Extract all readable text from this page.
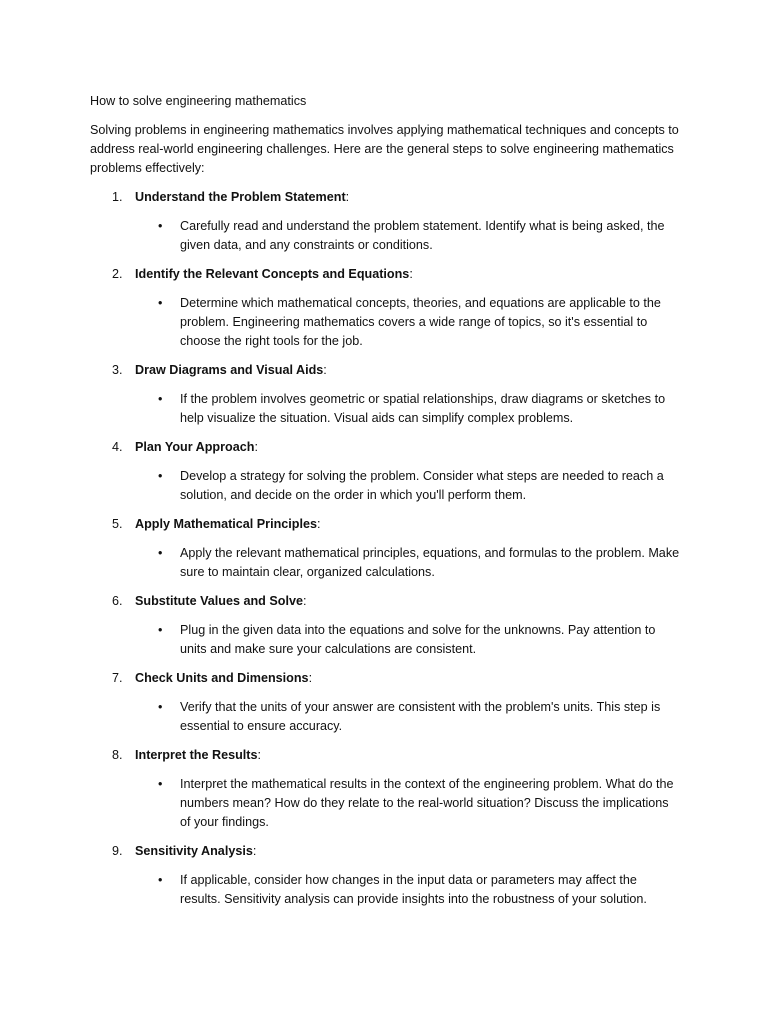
How to solve engineering mathematics

Solving problems in engineering mathematics involves applying mathematical techniques and concepts to address real-world engineering challenges. Here are the general steps to solve engineering mathematics problems effectively:

1. Understand the Problem Statement:
• Carefully read and understand the problem statement. Identify what is being asked, the given data, and any constraints or conditions.
2. Identify the Relevant Concepts and Equations:
• Determine which mathematical concepts, theories, and equations are applicable to the problem. Engineering mathematics covers a wide range of topics, so it's essential to choose the right tools for the job.
3. Draw Diagrams and Visual Aids:
• If the problem involves geometric or spatial relationships, draw diagrams or sketches to help visualize the situation. Visual aids can simplify complex problems.
4. Plan Your Approach:
• Develop a strategy for solving the problem. Consider what steps are needed to reach a solution, and decide on the order in which you'll perform them.
5. Apply Mathematical Principles:
• Apply the relevant mathematical principles, equations, and formulas to the problem. Make sure to maintain clear, organized calculations.
6. Substitute Values and Solve:
• Plug in the given data into the equations and solve for the unknowns. Pay attention to units and make sure your calculations are consistent.
7. Check Units and Dimensions:
• Verify that the units of your answer are consistent with the problem's units. This step is essential to ensure accuracy.
8. Interpret the Results:
• Interpret the mathematical results in the context of the engineering problem. What do the numbers mean? How do they relate to the real-world situation? Discuss the implications of your findings.
9. Sensitivity Analysis:
• If applicable, consider how changes in the input data or parameters may affect the results. Sensitivity analysis can provide insights into the robustness of your solution.
